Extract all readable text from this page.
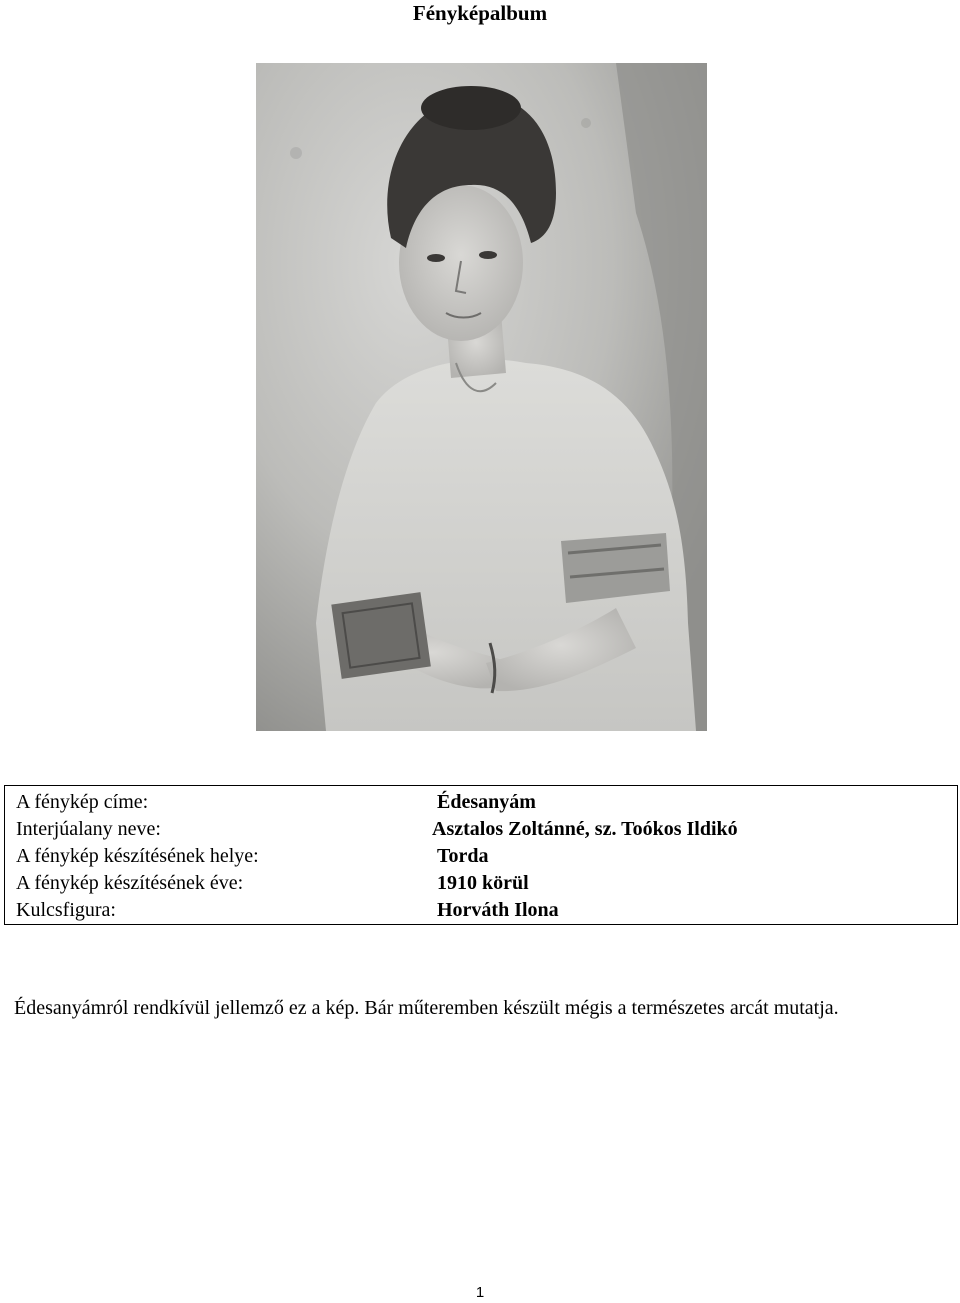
Fényképalbum
A fénykép címe:	Édesanyám
Interjúalany neve:	Asztalos Zoltánné, sz. Toókos Ildikó
A fénykép készítésének helye:	Torda
A fénykép készítésének éve:	1910 körül
Kulcsfigura:	Horváth Ilona
Édesanyámról rendkívül jellemző ez a kép. Bár műteremben készült mégis a természetes arcát mutatja.
1
